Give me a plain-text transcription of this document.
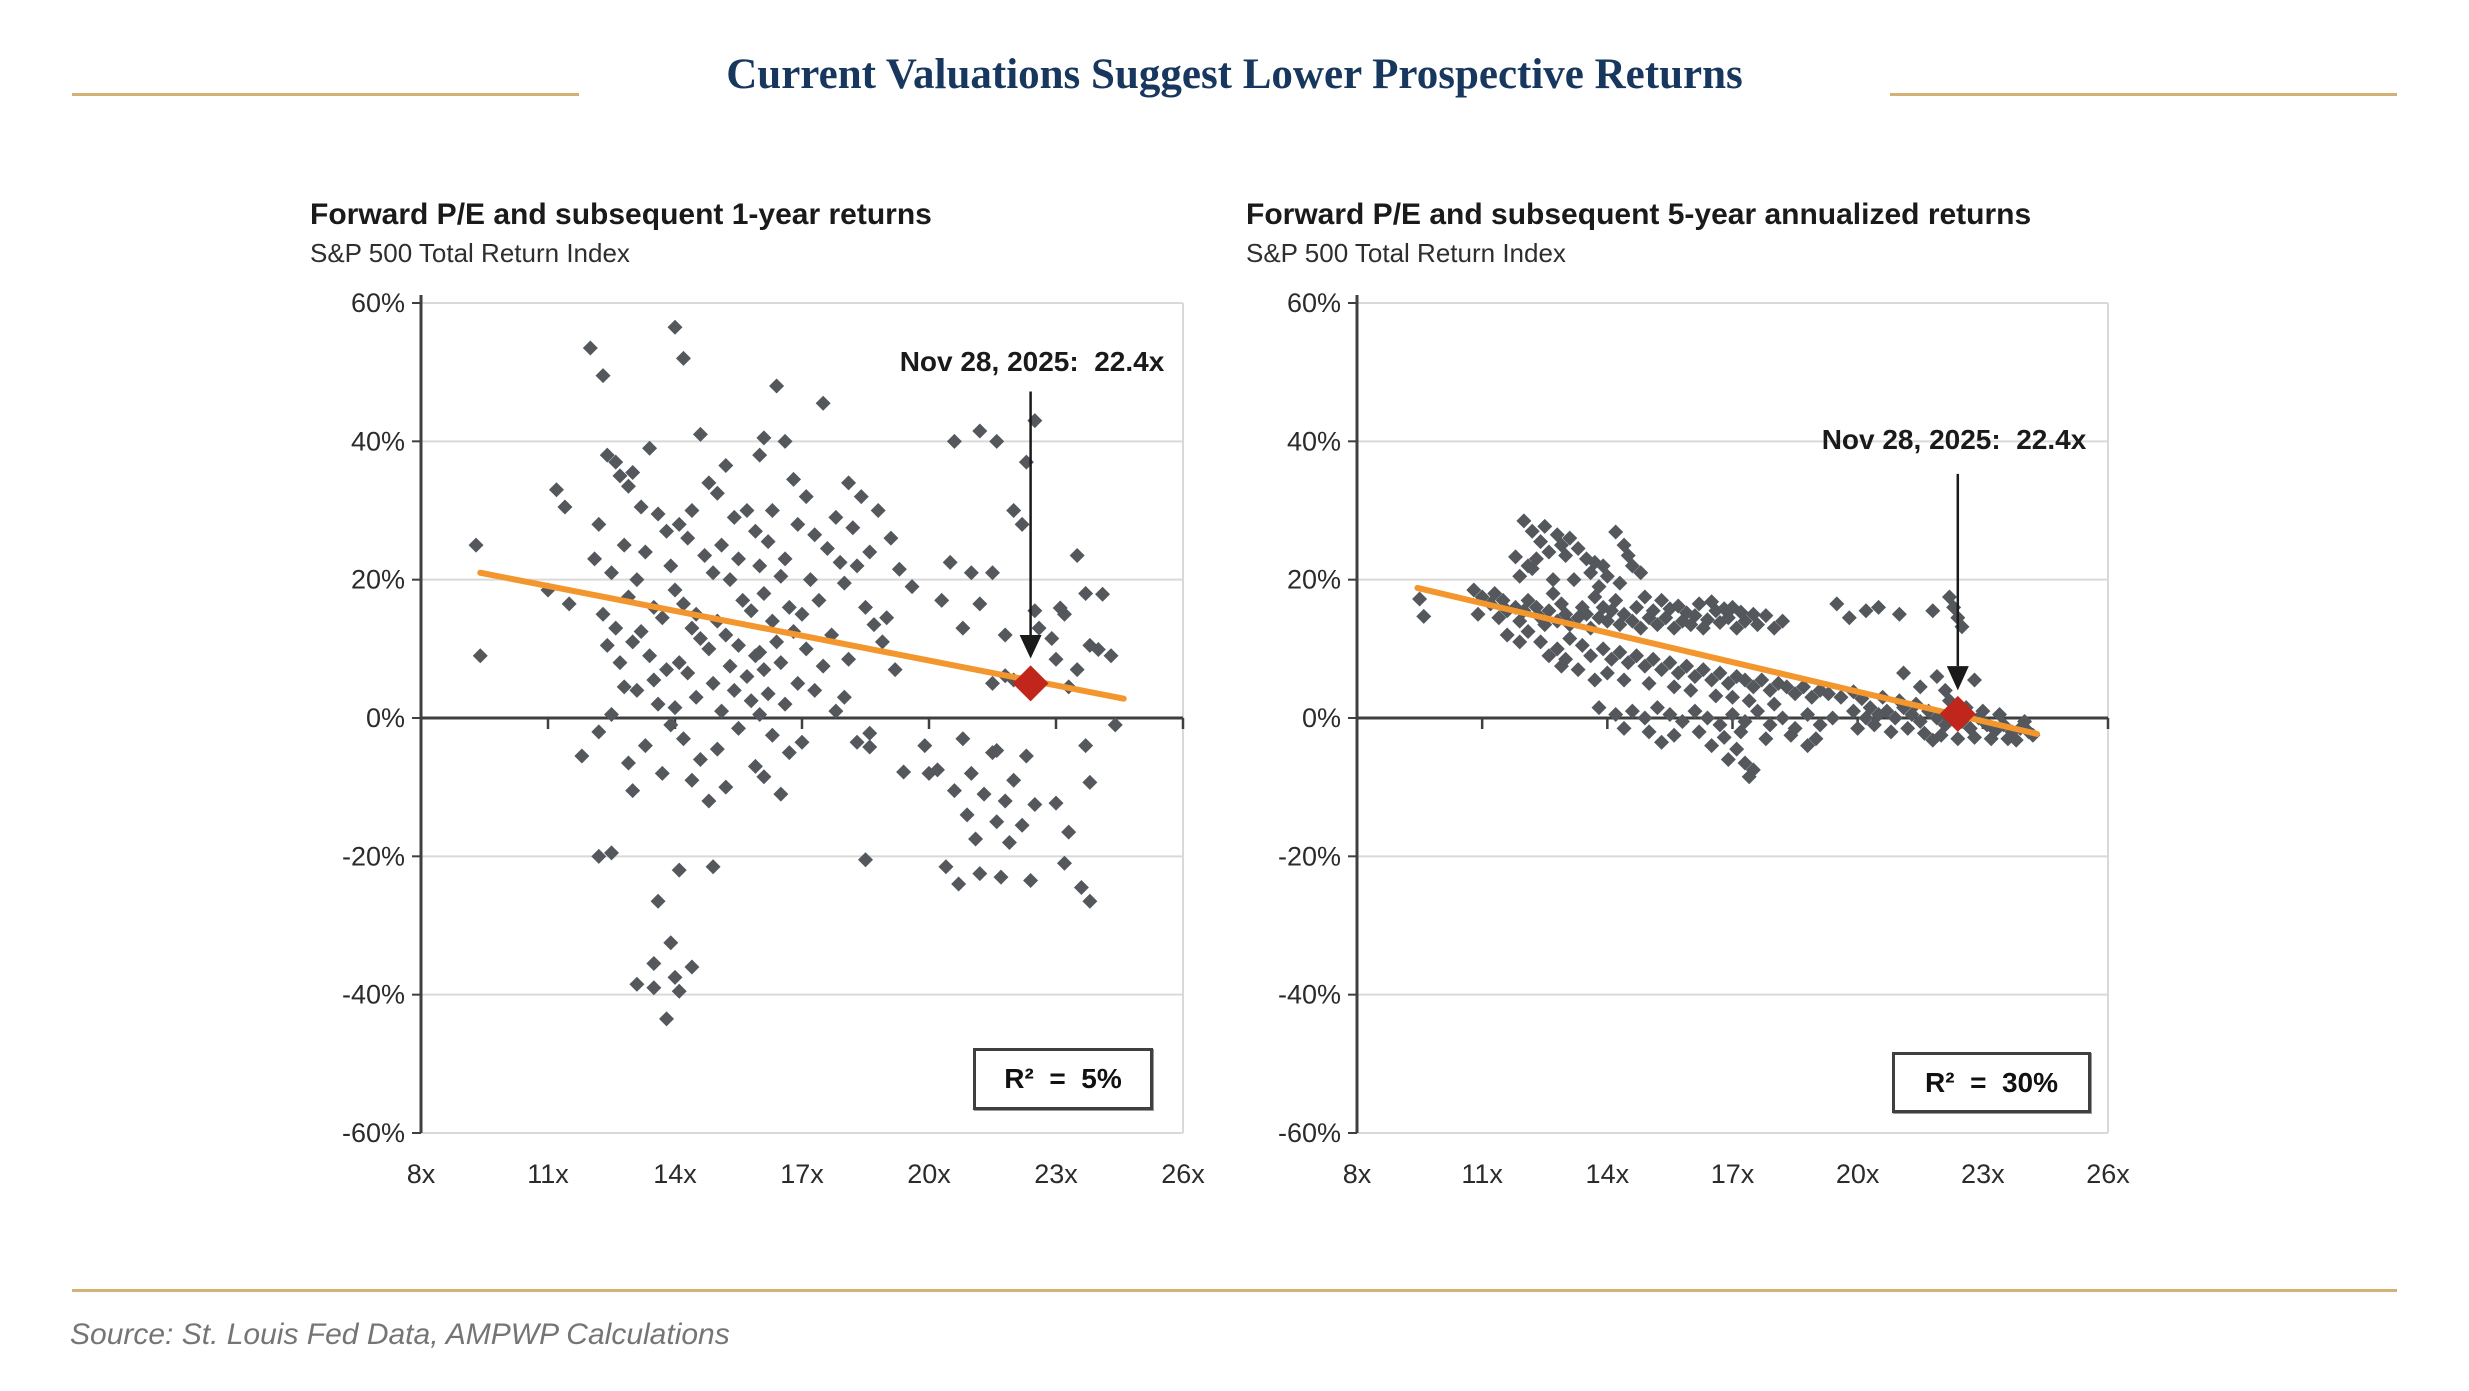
Current Valuations Suggest Lower Prospective Returns
Forward P/E and subsequent 1-year returns
S&P 500 Total Return Index
Nov 28, 2025:  22.4x
R²  =  5%
Forward P/E and subsequent 5-year annualized returns
S&P 500 Total Return Index
Nov 28, 2025:  22.4x
R²  =  30%
60%
40%
20%
0%
-20%
-40%
-60%
8x	11x	14x	17x	20x	23x	26x
60%
40%
20%
0%
-20%
-40%
-60%
8x	11x	14x	17x	20x	23x	26x
Source: St. Louis Fed Data, AMPWP Calculations
